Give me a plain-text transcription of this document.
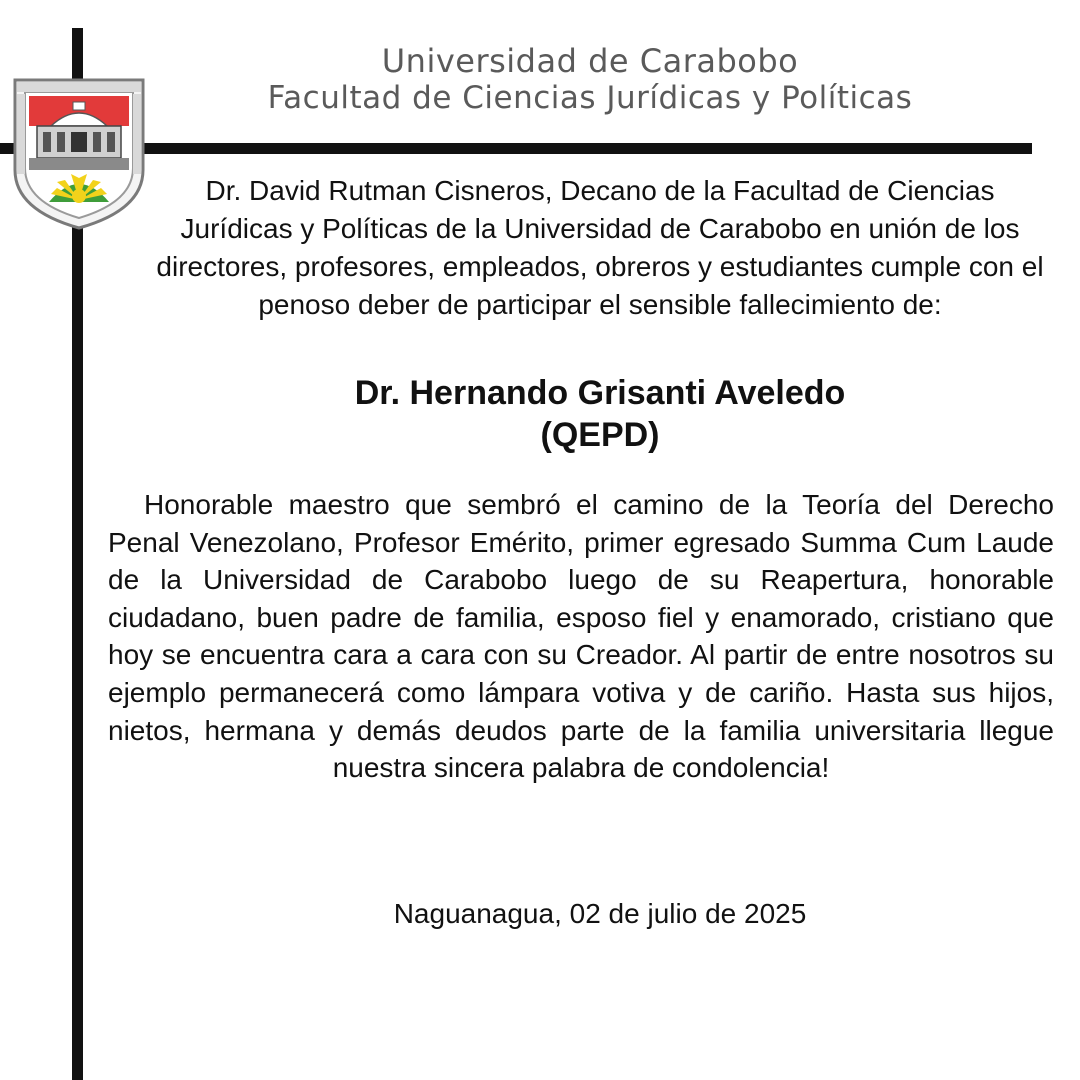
Universidad de Carabobo
Facultad de Ciencias Jurídicas y Políticas
Dr. David Rutman Cisneros, Decano de la Facultad de Ciencias Jurídicas y Políticas de la Universidad de Carabobo en unión de los directores, profesores, empleados, obreros y estudiantes cumple con el penoso deber de participar el sensible fallecimiento de:
Dr. Hernando Grisanti Aveledo
(QEPD)
Honorable maestro que sembró el camino de la Teoría del Derecho Penal Venezolano, Profesor Emérito, primer egresado Summa Cum Laude de la Universidad de Carabobo luego de su Reapertura, honorable ciudadano, buen padre de familia, esposo fiel y enamorado, cristiano que hoy se encuentra cara a cara con su Creador. Al partir de entre nosotros su ejemplo permanecerá como lámpara votiva y de cariño. Hasta sus hijos, nietos, hermana y demás deudos parte de la familia universitaria llegue nuestra sincera palabra de condolencia!
Naguanagua, 02 de julio de 2025
